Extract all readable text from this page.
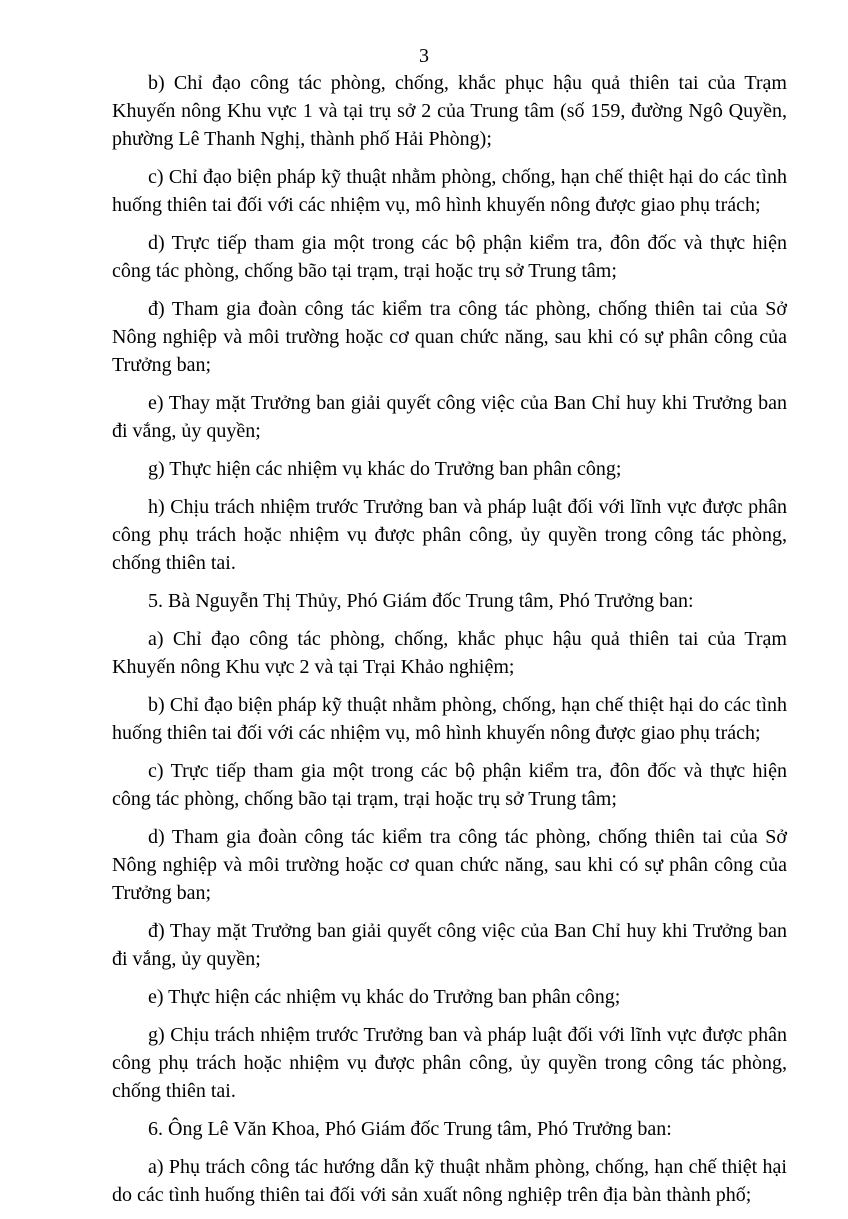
3

b) Chỉ đạo công tác phòng, chống, khắc phục hậu quả thiên tai của Trạm Khuyến nông Khu vực 1 và tại trụ sở 2 của Trung tâm (số 159, đường Ngô Quyền, phường Lê Thanh Nghị, thành phố Hải Phòng);

c) Chỉ đạo biện pháp kỹ thuật nhằm phòng, chống, hạn chế thiệt hại do các tình huống thiên tai đối với các nhiệm vụ, mô hình khuyến nông được giao phụ trách;

d) Trực tiếp tham gia một trong các bộ phận kiểm tra, đôn đốc và thực hiện công tác phòng, chống bão tại trạm, trại hoặc trụ sở Trung tâm;

đ) Tham gia đoàn công tác kiểm tra công tác phòng, chống thiên tai của Sở Nông nghiệp và môi trường hoặc cơ quan chức năng, sau khi có sự phân công của Trưởng ban;

e) Thay mặt Trưởng ban giải quyết công việc của Ban Chỉ huy khi Trưởng ban đi vắng, ủy quyền;

g) Thực hiện các nhiệm vụ khác do Trưởng ban phân công;

h) Chịu trách nhiệm trước Trưởng ban và pháp luật đối với lĩnh vực được phân công phụ trách hoặc nhiệm vụ được phân công, ủy quyền trong công tác phòng, chống thiên tai.

5. Bà Nguyễn Thị Thủy, Phó Giám đốc Trung tâm, Phó Trưởng ban:

a) Chỉ đạo công tác phòng, chống, khắc phục hậu quả thiên tai của Trạm Khuyến nông Khu vực 2 và tại Trại Khảo nghiệm;

b) Chỉ đạo biện pháp kỹ thuật nhằm phòng, chống, hạn chế thiệt hại do các tình huống thiên tai đối với các nhiệm vụ, mô hình khuyến nông được giao phụ trách;

c) Trực tiếp tham gia một trong các bộ phận kiểm tra, đôn đốc và thực hiện công tác phòng, chống bão tại trạm, trại hoặc trụ sở Trung tâm;

d) Tham gia đoàn công tác kiểm tra công tác phòng, chống thiên tai của Sở Nông nghiệp và môi trường hoặc cơ quan chức năng, sau khi có sự phân công của Trưởng ban;

đ) Thay mặt Trưởng ban giải quyết công việc của Ban Chỉ huy khi Trưởng ban đi vắng, ủy quyền;

e) Thực hiện các nhiệm vụ khác do Trưởng ban phân công;

g) Chịu trách nhiệm trước Trưởng ban và pháp luật đối với lĩnh vực được phân công phụ trách hoặc nhiệm vụ được phân công, ủy quyền trong công tác phòng, chống thiên tai.

6. Ông Lê Văn Khoa, Phó Giám đốc Trung tâm, Phó Trưởng ban:

a) Phụ trách công tác hướng dẫn kỹ thuật nhằm phòng, chống, hạn chế thiệt hại do các tình huống thiên tai đối với sản xuất nông nghiệp trên địa bàn thành phố;
